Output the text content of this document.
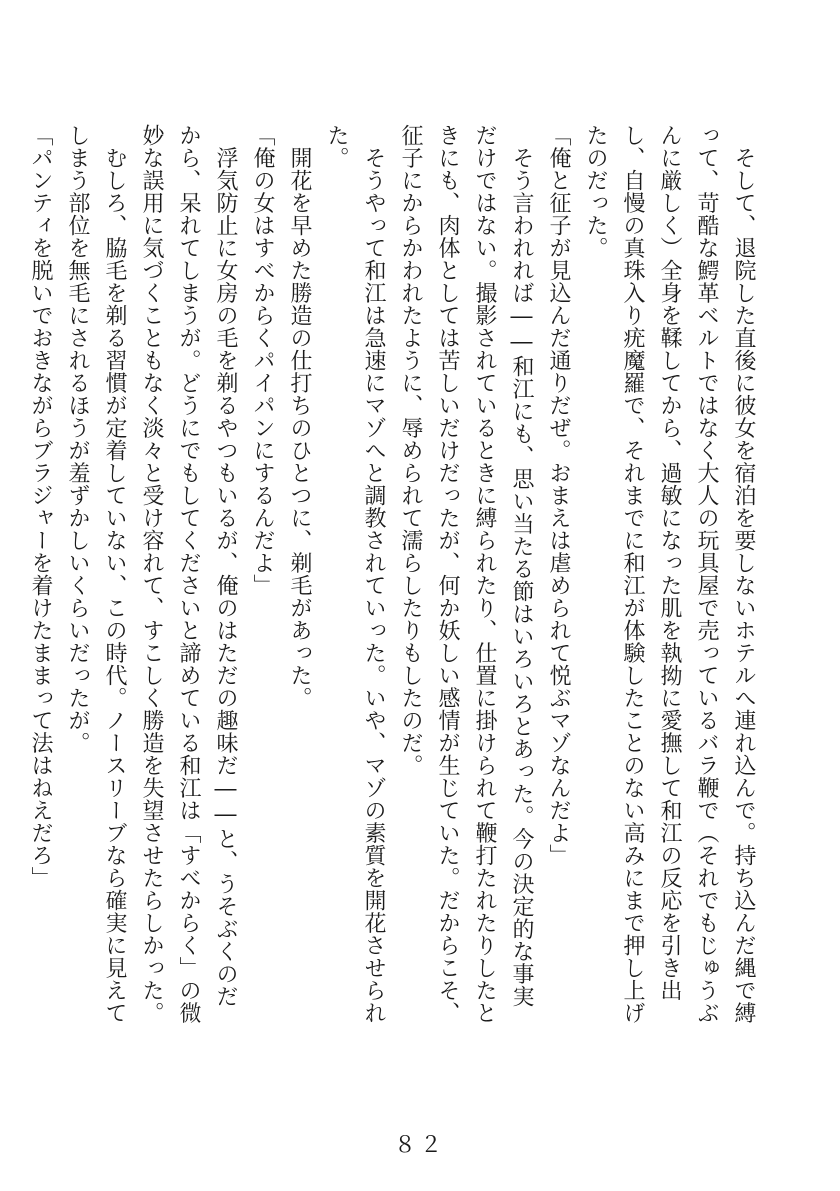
　そして、退院した直後に彼女を宿泊を要しないホテルへ連れ込んで。持ち込んだ縄で縛って、苛酷な鰐革ベルトではなく大人の玩具屋で売っているバラ鞭で（それでもじゅうぶんに厳しく）全身を鞣してから、過敏になった肌を執拗に愛撫して和江の反応を引き出し、自慢の真珠入り疣魔羅で、それまでに和江が体験したことのない高みにまで押し上げたのだった。

「俺と征子が見込んだ通りだぜ。おまえは虐められて悦ぶマゾなんだよ」

　そう言われれば――和江にも、思い当たる節はいろいろとあった。今の決定的な事実だけではない。撮影されているときに縛られたり、仕置に掛けられて鞭打たれたりしたときにも、肉体としては苦しいだけだったが、何か妖しい感情が生じていた。だからこそ、征子にからかわれたように、辱められて濡らしたりもしたのだ。

　そうやって和江は急速にマゾへと調教されていった。いや、マゾの素質を開花させられた。

　開花を早めた勝造の仕打ちのひとつに、剃毛があった。

「俺の女はすべからくパイパンにするんだよ」

　浮気防止に女房の毛を剃るやつもいるが、俺のはただの趣味だ――と、うそぶくのだから、呆れてしまうが。どうにでもしてくださいと諦めている和江は「すべからく」の微妙な誤用に気づくこともなく淡々と受け容れて、すこしく勝造を失望させたらしかった。

　むしろ、脇毛を剃る習慣が定着していない、この時代。ノースリーブなら確実に見えてしまう部位を無毛にされるほうが羞ずかしいくらいだったが。

「パンティを脱いでおきながらブラジャーを着けたままって法はねえだろ」

８２
